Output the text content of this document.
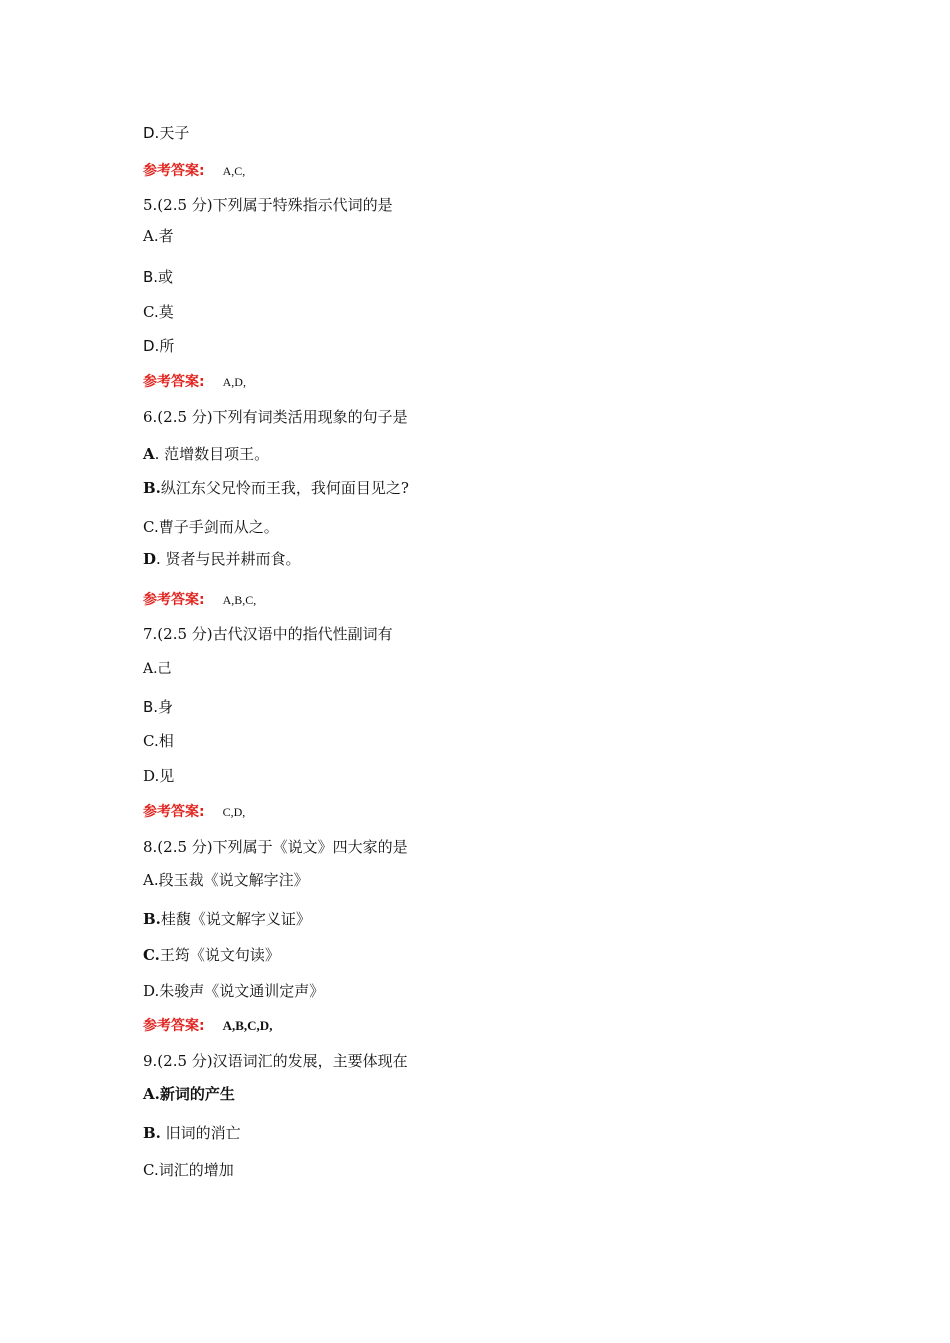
D.天子
参考答案: A,C,
5.(2.5 分)下列属于特殊指示代词的是
A.者
B.或
C.莫
D.所
参考答案: A,D,
6.(2.5 分)下列有词类活用现象的句子是
A. 范增数目项王。
B.纵江东父兄怜而王我，我何面目见之?
C.曹子手剑而从之。
D. 贤者与民并耕而食。
参考答案: A,B,C,
7.(2.5 分)古代汉语中的指代性副词有
A.己
B.身
C.相
D.见
参考答案: C,D,
8.(2.5 分)下列属于《说文》四大家的是
A.段玉裁《说文解字注》
B.桂馥《说文解字义证》
C.王筠《说文句读》
D.朱骏声《说文通训定声》
参考答案: A,B,C,D,
9.(2.5 分)汉语词汇的发展，主要体现在
A.新词的产生
B. 旧词的消亡
C.词汇的增加
